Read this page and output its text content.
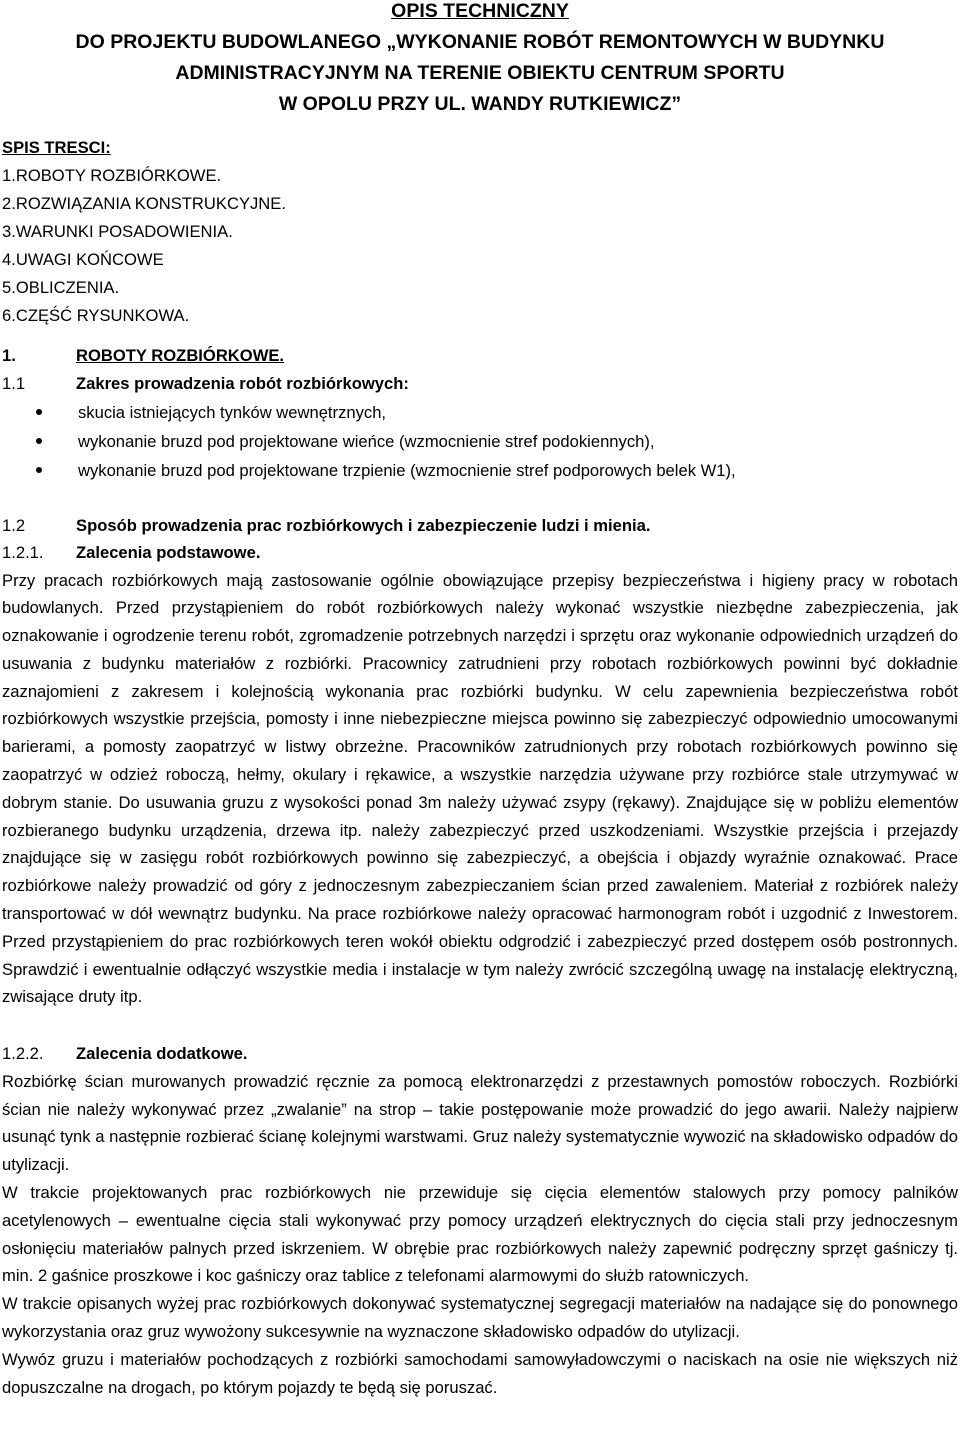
OPIS TECHNICZNY
DO PROJEKTU BUDOWLANEGO „WYKONANIE ROBÓT REMONTOWYCH W BUDYNKU
ADMINISTRACYJNYM NA TERENIE OBIEKTU CENTRUM SPORTU
W OPOLU PRZY UL. WANDY RUTKIEWICZ”
SPIS TRESCI:
1.ROBOTY ROZBIÓRKOWE.
2.ROZWIĄZANIA KONSTRUKCYJNE.
3.WARUNKI POSADOWIENIA.
4.UWAGI KOŃCOWE
5.OBLICZENIA.
6.CZĘŚĆ RYSUNKOWA.
1.	ROBOTY ROZBIÓRKOWE.
1.1	Zakres prowadzenia robót rozbiórkowych:
skucia istniejących tynków wewnętrznych,
wykonanie bruzd pod projektowane wieńce (wzmocnienie stref podokiennych),
wykonanie bruzd pod projektowane trzpienie (wzmocnienie stref podporowych belek W1),
1.2	Sposób prowadzenia prac rozbiórkowych i zabezpieczenie ludzi i mienia.
1.2.1. Zalecenia podstawowe.
Przy pracach rozbiórkowych mają zastosowanie ogólnie obowiązujące przepisy bezpieczeństwa i higieny pracy w robotach budowlanych. Przed przystąpieniem do robót rozbiórkowych należy wykonać wszystkie niezbędne zabezpieczenia, jak oznakowanie i ogrodzenie terenu robót, zgromadzenie potrzebnych narzędzi i sprzętu oraz wykonanie odpowiednich urządzeń do usuwania z budynku materiałów z rozbiórki. Pracownicy zatrudnieni przy robotach rozbiórkowych powinni być dokładnie zaznajomieni z zakresem i kolejnością wykonania prac rozbiórki budynku. W celu zapewnienia bezpieczeństwa robót rozbiórkowych wszystkie przejścia, pomosty i inne niebezpieczne miejsca powinno się zabezpieczyć odpowiednio umocowanymi barierami, a pomosty zaopatrzyć w listwy obrzeżne. Pracowników zatrudnionych przy robotach rozbiórkowych powinno się zaopatrzyć w odzież roboczą, hełmy, okulary i rękawice, a wszystkie narzędzia używane przy rozbiórce stale utrzymywać w dobrym stanie. Do usuwania gruzu z wysokości ponad 3m należy używać zsypy (rękawy). Znajdujące się w pobliżu elementów rozbieranego budynku urządzenia, drzewa itp. należy zabezpieczyć przed uszkodzeniami. Wszystkie przejścia i przejazdy znajdujące się w zasięgu robót rozbiórkowych powinno się zabezpieczyć, a obejścia i objazdy wyraźnie oznakować. Prace rozbiórkowe należy prowadzić od góry z jednoczesnym zabezpieczaniem ścian przed zawaleniem. Materiał z rozbiórek należy transportować w dół wewnątrz budynku. Na prace rozbiórkowe należy opracować harmonogram robót i uzgodnić z Inwestorem. Przed przystąpieniem do prac rozbiórkowych teren wokół obiektu odgrodzić i zabezpieczyć przed dostępem osób postronnych. Sprawdzić i ewentualnie odłączyć wszystkie media i instalacje w tym należy zwrócić szczególną uwagę na instalację elektryczną, zwisające druty itp.
1.2.2. Zalecenia dodatkowe.
Rozbiórkę ścian murowanych prowadzić ręcznie za pomocą elektronarzędzi z przestawnych pomostów roboczych. Rozbiórki ścian nie należy wykonywać przez „zwalanie” na strop – takie postępowanie może prowadzić do jego awarii. Należy najpierw usunąć tynk a następnie rozbierać ścianę kolejnymi warstwami. Gruz należy systematycznie wywozić na składowisko odpadów do utylizacji.
W trakcie projektowanych prac rozbiórkowych nie przewiduje się cięcia elementów stalowych przy pomocy palników acetylenowych – ewentualne cięcia stali wykonywać przy pomocy urządzeń elektrycznych do cięcia stali przy jednoczesnym osłonięciu materiałów palnych przed iskrzeniem. W obrębie prac rozbiórkowych należy zapewnić podręczny sprzęt gaśniczy tj. min. 2 gaśnice proszkowe i koc gaśniczy oraz tablice z telefonami alarmowymi do służb ratowniczych.
W trakcie opisanych wyżej prac rozbiórkowych dokonywać systematycznej segregacji materiałów na nadające się do ponownego wykorzystania oraz gruz wywożony sukcesywnie na wyznaczone składowisko odpadów do utylizacji.
Wywóz gruzu i materiałów pochodzących z rozbiórki samochodami samowyładowczymi o naciskach na osie nie większych niż dopuszczalne na drogach, po którym pojazdy te będą się poruszać.
